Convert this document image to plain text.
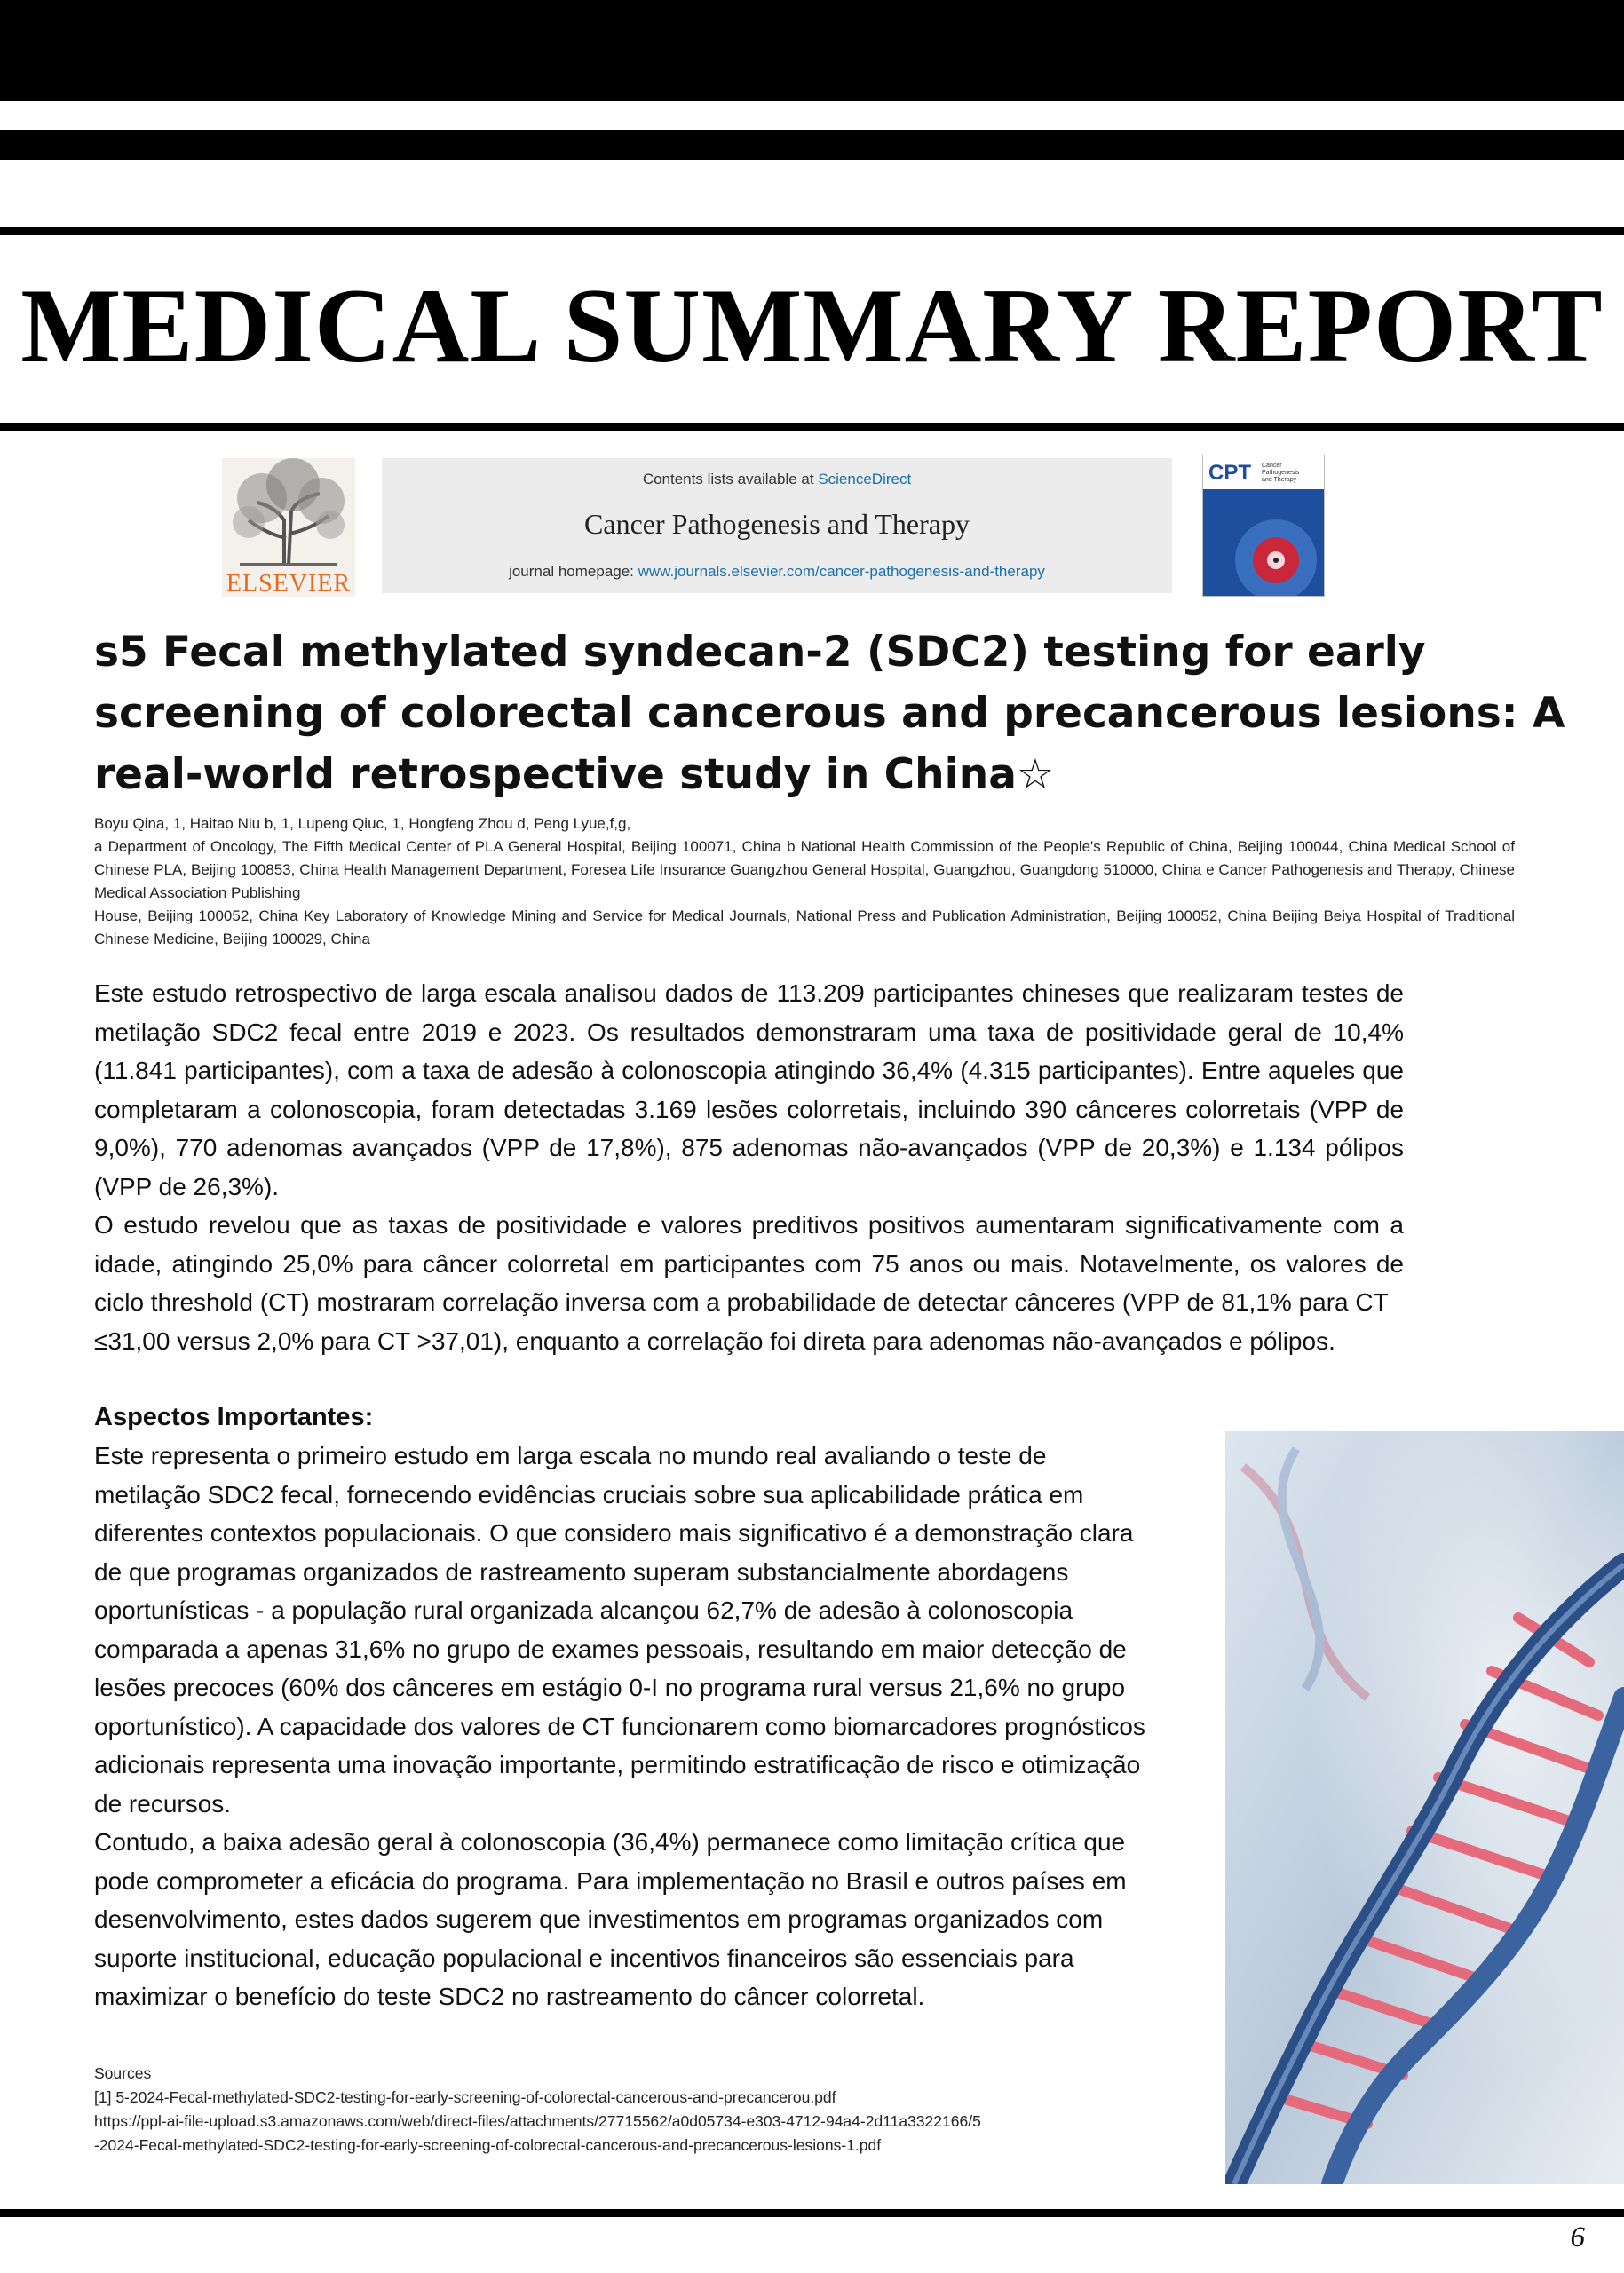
MEDICAL SUMMARY REPORT
ELSEVIER
Contents lists available at ScienceDirect
Cancer Pathogenesis and Therapy
journal homepage: www.journals.elsevier.com/cancer-pathogenesis-and-therapy
CPT Cancer
Pathogenesis
and Therapy
s5 Fecal methylated syndecan-2 (SDC2) testing for early screening of colorectal cancerous and precancerous lesions: A real-world retrospective study in China☆
Boyu Qina, 1, Haitao Niu b, 1, Lupeng Qiuc, 1, Hongfeng Zhou d, Peng Lyue,f,g,
a Department of Oncology, The Fifth Medical Center of PLA General Hospital, Beijing 100071, China b National Health Commission of the People's Republic of China, Beijing 100044, China Medical School of Chinese PLA, Beijing 100853, China Health Management Department, Foresea Life Insurance Guangzhou General Hospital, Guangzhou, Guangdong 510000, China e Cancer Pathogenesis and Therapy, Chinese Medical Association Publishing
House, Beijing 100052, China Key Laboratory of Knowledge Mining and Service for Medical Journals, National Press and Publication Administration, Beijing 100052, China Beijing Beiya Hospital of Traditional Chinese Medicine, Beijing 100029, China

Este estudo retrospectivo de larga escala analisou dados de 113.209 participantes chineses que realizaram testes de metilação SDC2 fecal entre 2019 e 2023. Os resultados demonstraram uma taxa de positividade geral de 10,4% (11.841 participantes), com a taxa de adesão à colonoscopia atingindo 36,4% (4.315 participantes). Entre aqueles que completaram a colonoscopia, foram detectadas 3.169 lesões colorretais, incluindo 390 cânceres colorretais (VPP de 9,0%), 770 adenomas avançados (VPP de 17,8%), 875 adenomas não-avançados (VPP de 20,3%) e 1.134 pólipos (VPP de 26,3%).

O estudo revelou que as taxas de positividade e valores preditivos positivos aumentaram significativamente com a idade, atingindo 25,0% para câncer colorretal em participantes com 75 anos ou mais. Notavelmente, os valores de ciclo threshold (CT) mostraram correlação inversa com a probabilidade de detectar cânceres (VPP de 81,1% para CT

≤31,00 versus 2,0% para CT >37,01), enquanto a correlação foi direta para adenomas não-avançados e pólipos.

Aspectos Importantes:

Este representa o primeiro estudo em larga escala no mundo real avaliando o teste de metilação SDC2 fecal, fornecendo evidências cruciais sobre sua aplicabilidade prática em diferentes contextos populacionais. O que considero mais significativo é a demonstração clara de que programas organizados de rastreamento superam substancialmente abordagens oportunísticas - a população rural organizada alcançou 62,7% de adesão à colonoscopia comparada a apenas 31,6% no grupo de exames pessoais, resultando em maior detecção de lesões precoces (60% dos cânceres em estágio 0-I no programa rural versus 21,6% no grupo oportunístico). A capacidade dos valores de CT funcionarem como biomarcadores prognósticos adicionais representa uma inovação importante, permitindo estratificação de risco e otimização de recursos.

Contudo, a baixa adesão geral à colonoscopia (36,4%) permanece como limitação crítica que pode comprometer a eficácia do programa. Para implementação no Brasil e outros países em desenvolvimento, estes dados sugerem que investimentos em programas organizados com suporte institucional, educação populacional e incentivos financeiros são essenciais para maximizar o benefício do teste SDC2 no rastreamento do câncer colorretal.

Sources
[1] 5-2024-Fecal-methylated-SDC2-testing-for-early-screening-of-colorectal-cancerous-and-precancerou.pdf
https://ppl-ai-file-upload.s3.amazonaws.com/web/direct-files/attachments/27715562/a0d05734-e303-4712-94a4-2d11a3322166/5-2024-Fecal-methylated-SDC2-testing-for-early-screening-of-colorectal-cancerous-and-precancerous-lesions-1.pdf
6
